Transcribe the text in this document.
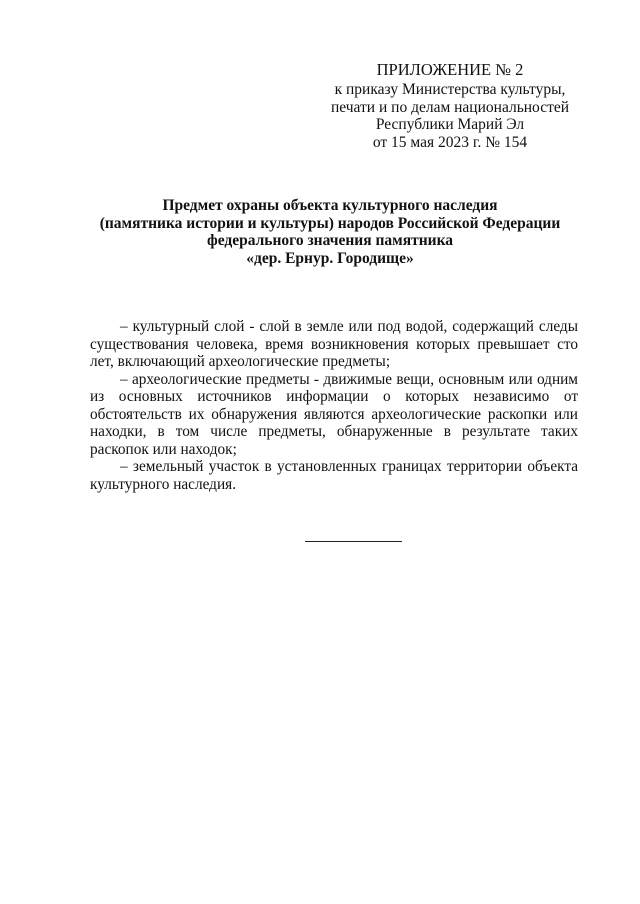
ПРИЛОЖЕНИЕ № 2
к приказу Министерства культуры,
печати и по делам национальностей
Республики Марий Эл
от 15 мая 2023 г. № 154
Предмет охраны объекта культурного наследия
(памятника истории и культуры) народов Российской Федерации
федерального значения памятника
«дер. Ернур. Городище»

– культурный слой - слой в земле или под водой, содержащий следы существования человека, время возникновения которых превышает сто лет, включающий археологические предметы;

– археологические предметы - движимые вещи, основным или одним из основных источников информации о которых независимо от обстоятельств их обнаружения являются археологические раскопки или находки, в том числе предметы, обнаруженные в результате таких раскопок или находок;

– земельный участок в установленных границах территории объекта культурного наследия.
